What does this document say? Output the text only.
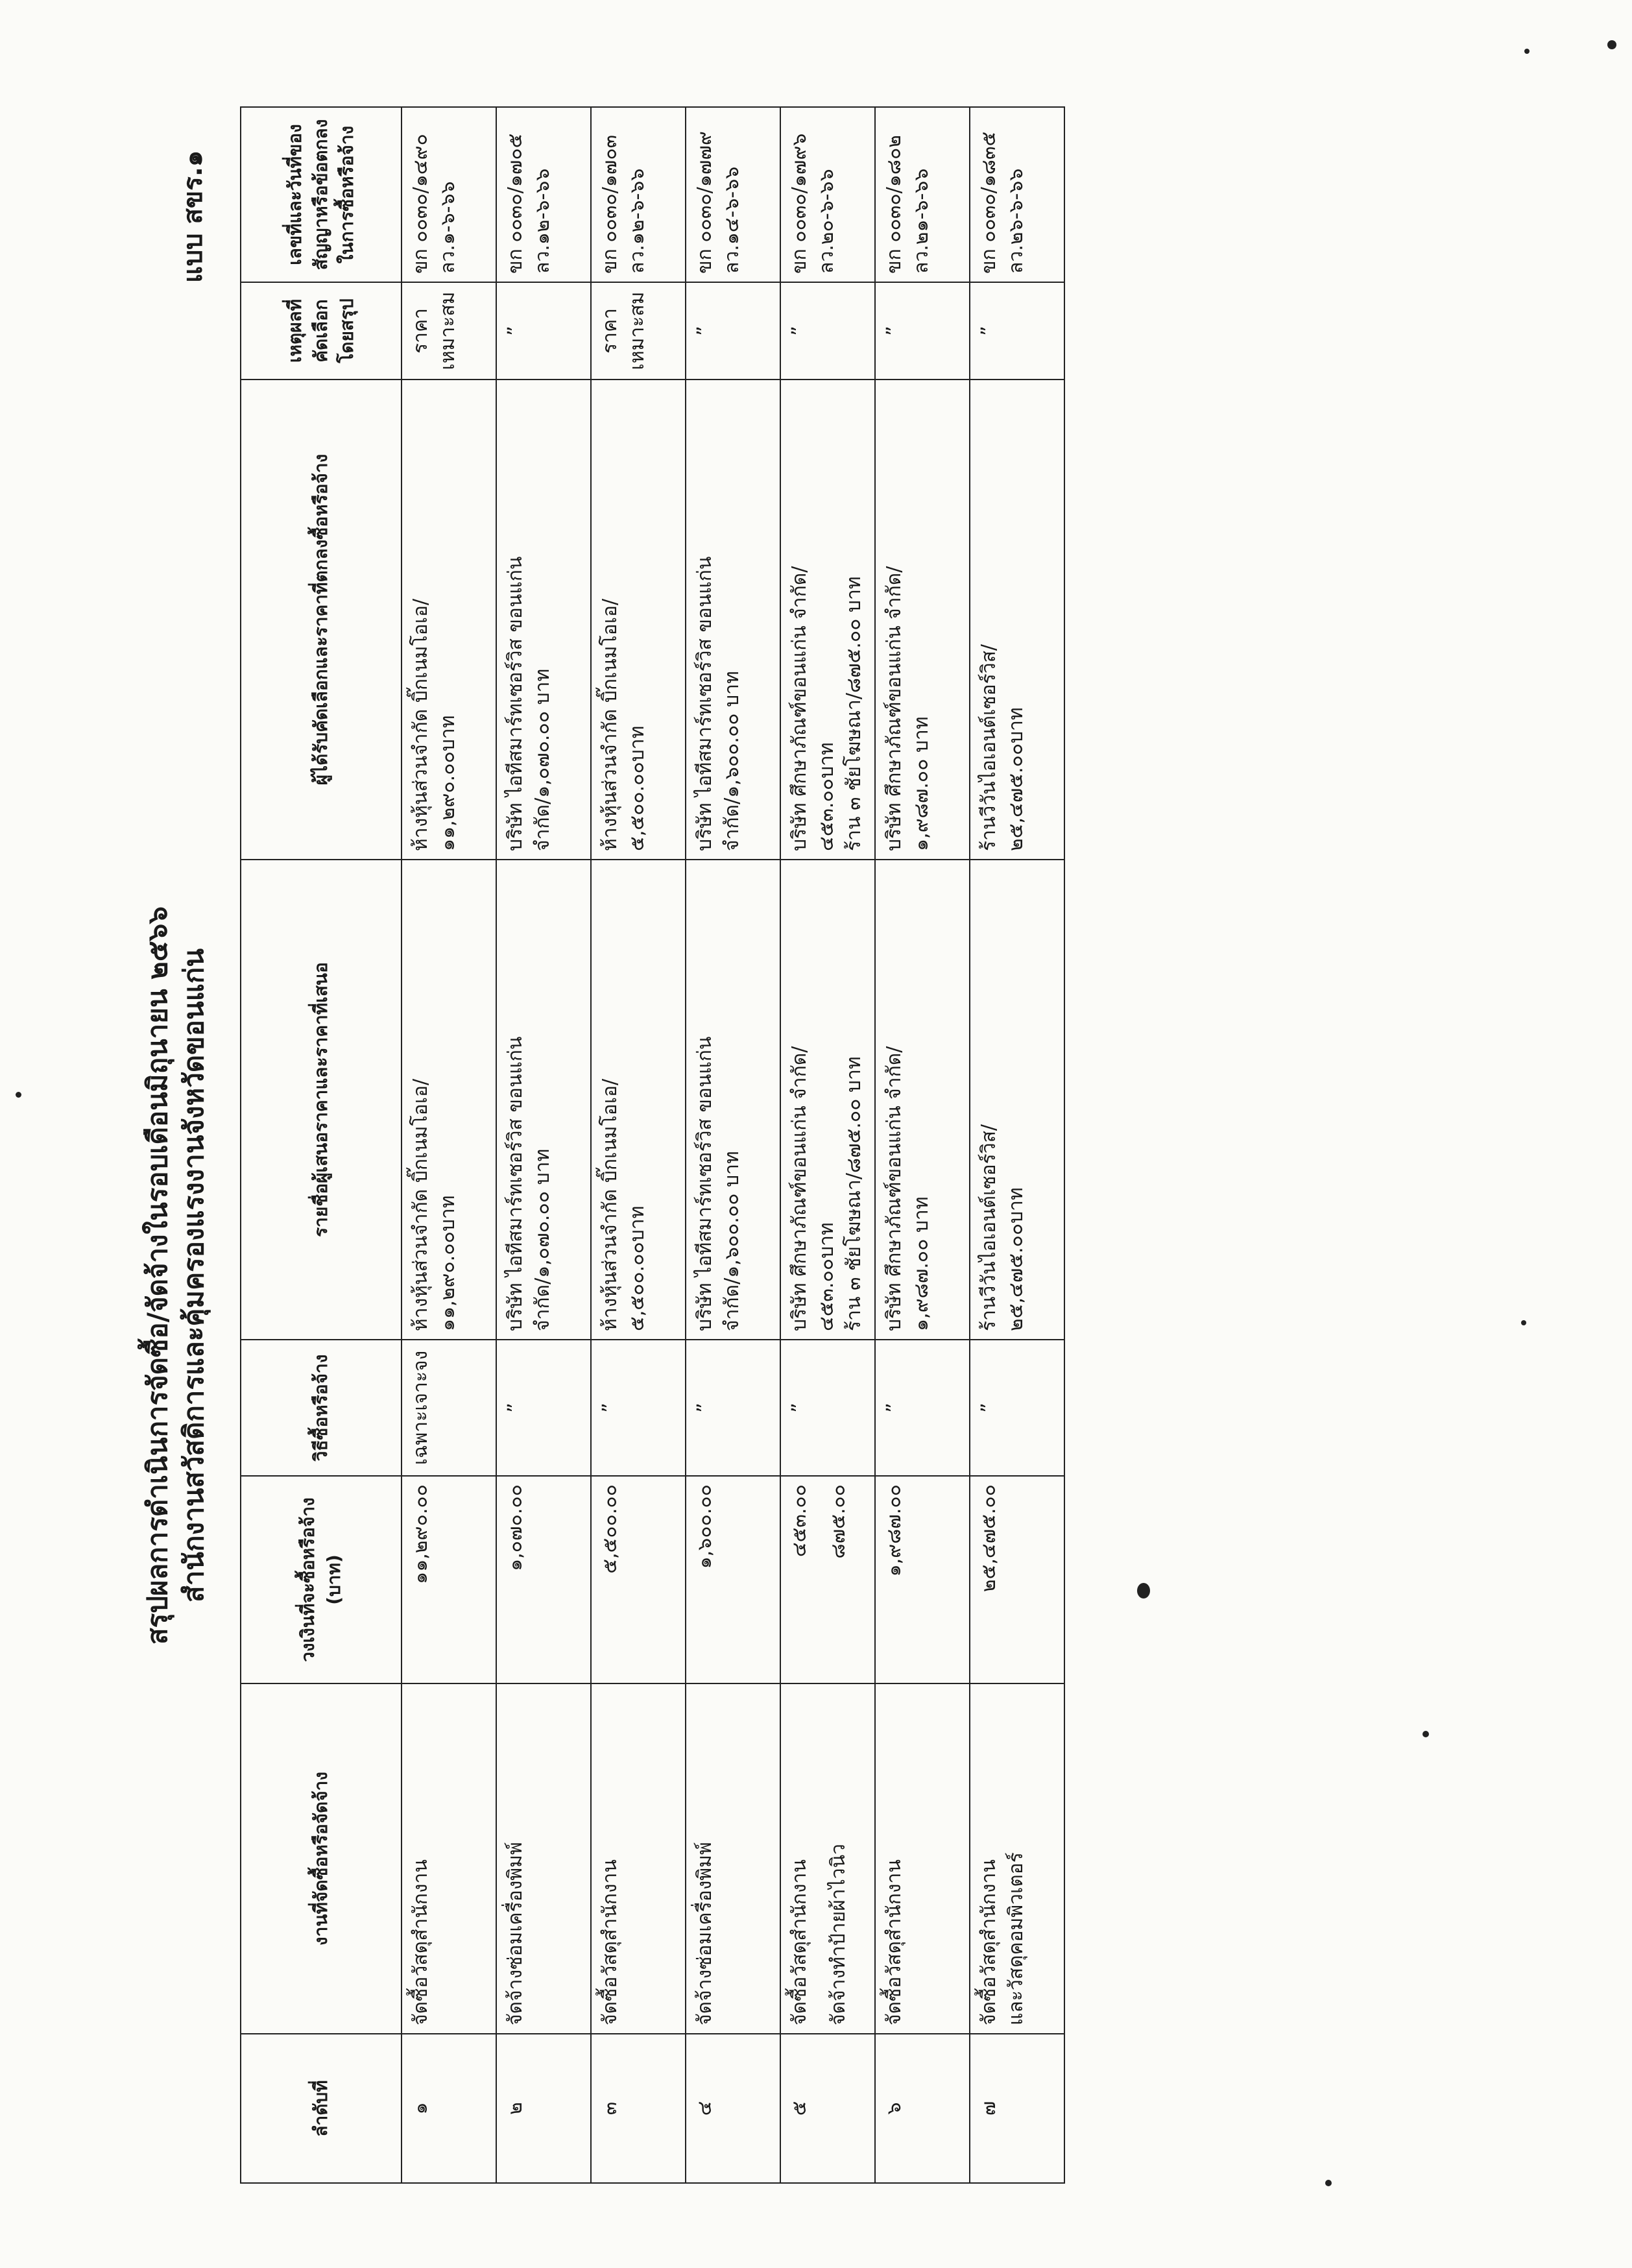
สรุปผลการดำเนินการจัดซื้อ/จัดจ้างในรอบเดือนมิถุนายน ๒๕๖๖ สำนักงานสวัสดิการและคุ้มครองแรงงานจังหวัดขอนแก่น
แบบ สขร.๑
ลำดับที่	งานที่จัดซื้อหรือจัดจ้าง	วงเงินที่จะซื้อหรือจ้าง (บาท)	วิธีซื้อหรือจ้าง	รายชื่อผู้เสนอราคาและราคาที่เสนอ	ผู้ได้รับคัดเลือกและราคาที่ตกลงซื้อหรือจ้าง	เหตุผลที่คัดเลือกโดยสรุป	เลขที่และวันที่ของสัญญาหรือข้อตกลงในการซื้อหรือจ้าง
๑	จัดซื้อวัสดุสำนักงาน	๑๑,๒๙๐.๐๐	เฉพาะเจาะจง	ห้างหุ้นส่วนจำกัด บิ๊กเนมโอเอ/ ๑๑,๒๙๐.๐๐บาท	ห้างหุ้นส่วนจำกัด บิ๊กเนมโอเอ/ ๑๑,๒๙๐.๐๐บาท	ราคาเหมาะสม	ขก ๐๐๓๐/๑๔๙๐ ลว.๑-๖-๖๖

๒	จัดจ้างซ่อมเครื่องพิมพ์	๑,๐๗๐.๐๐	”	บริษัท ไอทีสมาร์ทเซอร์วิส ขอนแก่น จำกัด/๑,๐๗๐.๐๐ บาท	บริษัท ไอทีสมาร์ทเซอร์วิส ขอนแก่น จำกัด/๑,๐๗๐.๐๐ บาท	”	ขก ๐๐๓๐/๑๗๐๕ ลว.๑๒-๖-๖๖

๓	จัดซื้อวัสดุสำนักงาน	๕,๕๐๐.๐๐	”	ห้างหุ้นส่วนจำกัด บิ๊กเนมโอเอ/ ๕,๕๐๐.๐๐บาท	ห้างหุ้นส่วนจำกัด บิ๊กเนมโอเอ/ ๕,๕๐๐.๐๐บาท	ราคาเหมาะสม	ขก ๐๐๓๐/๑๗๐๓ ลว.๑๒-๖-๖๖

๔	จัดจ้างซ่อมเครื่องพิมพ์	๑,๖๐๐.๐๐	”	บริษัท ไอทีสมาร์ทเซอร์วิส ขอนแก่น จำกัด/๑,๖๐๐.๐๐ บาท	บริษัท ไอทีสมาร์ทเซอร์วิส ขอนแก่น จำกัด/๑,๖๐๐.๐๐ บาท	”	ขก ๐๐๓๐/๑๗๗๙ ลว.๑๔-๖-๖๖

๕	จัดซื้อวัสดุสำนักงาน จัดจ้างทำป้ายผ้าไวนิว	๔๕๓.๐๐ ๘๗๕.๐๐	”	บริษัท ศึกษาภัณฑ์ขอนแก่น จำกัด/ ๔๕๓.๐๐บาท ร้าน ๓ ชัยโฆษณา/๘๗๕.๐๐ บาท	บริษัท ศึกษาภัณฑ์ขอนแก่น จำกัด/ ๔๕๓.๐๐บาท ร้าน ๓ ชัยโฆษณา/๘๗๕.๐๐ บาท	”	ขก ๐๐๓๐/๑๗๙๖ ลว.๒๐-๖-๖๖

๖	จัดซื้อวัสดุสำนักงาน	๑,๙๘๗.๐๐	”	บริษัท ศึกษาภัณฑ์ขอนแก่น จำกัด/ ๑,๙๘๗.๐๐ บาท	บริษัท ศึกษาภัณฑ์ขอนแก่น จำกัด/ ๑,๙๘๗.๐๐ บาท	”	ขก ๐๐๓๐/๑๘๐๒ ลว.๒๑-๖-๖๖

๗	จัดซื้อวัสดุสำนักงาน และวัสดุคอมพิวเตอร์	๒๕,๔๗๕.๐๐	”	ร้านวีวันไอเอนต์เซอร์วิส/ ๒๕,๔๗๕.๐๐บาท	ร้านวีวันไอเอนต์เซอร์วิส/ ๒๕,๔๗๕.๐๐บาท	”	ขก ๐๐๓๐/๑๘๓๕ ลว.๒๖-๖-๖๖
